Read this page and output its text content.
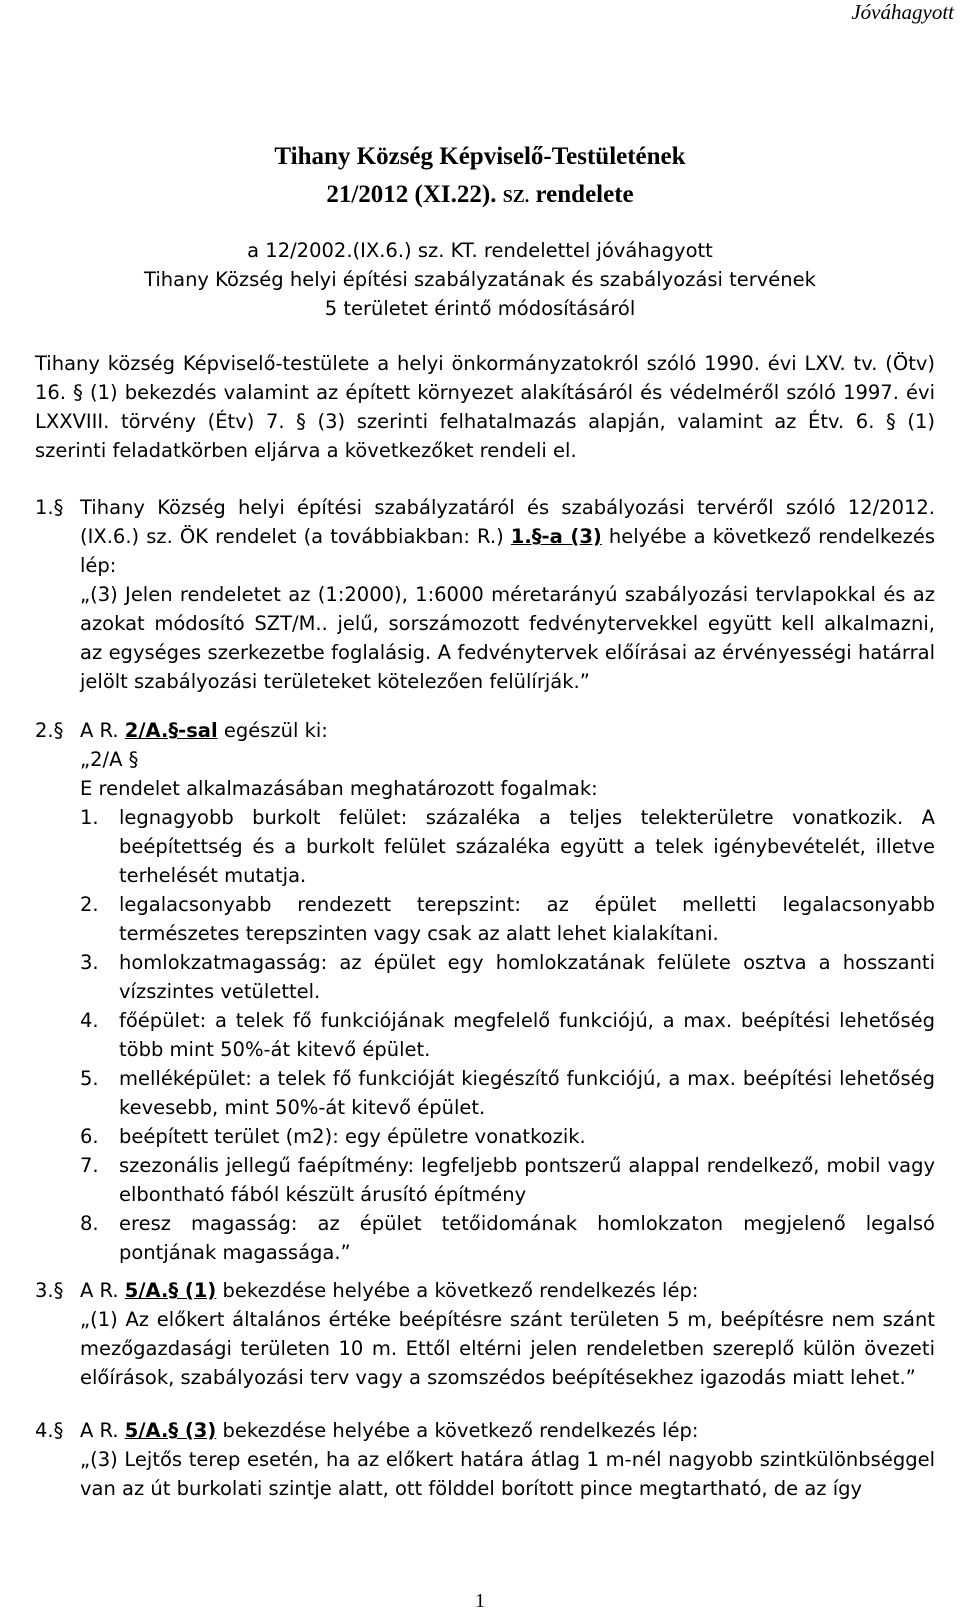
Jóváhagyott
Tihany Község Képviselő-Testületének
21/2012 (XI.22). SZ. rendelete
a 12/2002.(IX.6.) sz. KT. rendelettel jóváhagyott
Tihany Község helyi építési szabályzatának és szabályozási tervének
5 területet érintő módosításáról

Tihany község Képviselő-testülete a helyi önkormányzatokról szóló 1990. évi LXV. tv. (Ötv) 16. § (1) bekezdés valamint az épített környezet alakításáról és védelméről szóló 1997. évi LXXVIII. törvény (Étv) 7. § (3) szerinti felhatalmazás alapján, valamint az Étv. 6. § (1) szerinti feladatkörben eljárva a következőket rendeli el.

1.§ Tihany Község helyi építési szabályzatáról és szabályozási tervéről szóló 12/2012.(IX.6.) sz. ÖK rendelet (a továbbiakban: R.) 1.§-a (3) helyébe a következő rendelkezés lép:
„(3) Jelen rendeletet az (1:2000), 1:6000 méretarányú szabályozási tervlapokkal és az azokat módosító SZT/M.. jelű, sorszámozott fedvénytervekkel együtt kell alkalmazni, az egységes szerkezetbe foglalásig. A fedvénytervek előírásai az érvényességi határral jelölt szabályozási területeket kötelezően felülírják.”
2.§ A R. 2/A.§-sal egészül ki:
„2/A §
E rendelet alkalmazásában meghatározott fogalmak:
1. legnagyobb burkolt felület: százaléka a teljes telekterületre vonatkozik. A beépítettség és a burkolt felület százaléka együtt a telek igénybevételét, illetve terhelését mutatja.
2. legalacsonyabb rendezett terepszint: az épület melletti legalacsonyabb természetes terepszinten vagy csak az alatt lehet kialakítani.
3. homlokzatmagasság: az épület egy homlokzatának felülete osztva a hosszanti vízszintes vetülettel.
4. főépület: a telek fő funkciójának megfelelő funkciójú, a max. beépítési lehetőség több mint 50%-át kitevő épület.
5. melléképület: a telek fő funkcióját kiegészítő funkciójú, a max. beépítési lehetőség kevesebb, mint 50%-át kitevő épület.
6. beépített terület (m2): egy épületre vonatkozik.
7. szezonális jellegű faépítmény: legfeljebb pontszerű alappal rendelkező, mobil vagy elbontható fából készült árusító építmény
8. eresz magasság: az épület tetőidomának homlokzaton megjelenő legalsó pontjának magassága.”
3.§ A R. 5/A.§ (1) bekezdése helyébe a következő rendelkezés lép:
„(1) Az előkert általános értéke beépítésre szánt területen 5 m, beépítésre nem szánt mezőgazdasági területen 10 m. Ettől eltérni jelen rendeletben szereplő külön övezeti előírások, szabályozási terv vagy a szomszédos beépítésekhez igazodás miatt lehet.”
4.§ A R. 5/A.§ (3) bekezdése helyébe a következő rendelkezés lép:
„(3) Lejtős terep esetén, ha az előkert határa átlag 1 m-nél nagyobb szintkülönbséggel van az út burkolati szintje alatt, ott földdel borított pince megtartható, de az így
1
